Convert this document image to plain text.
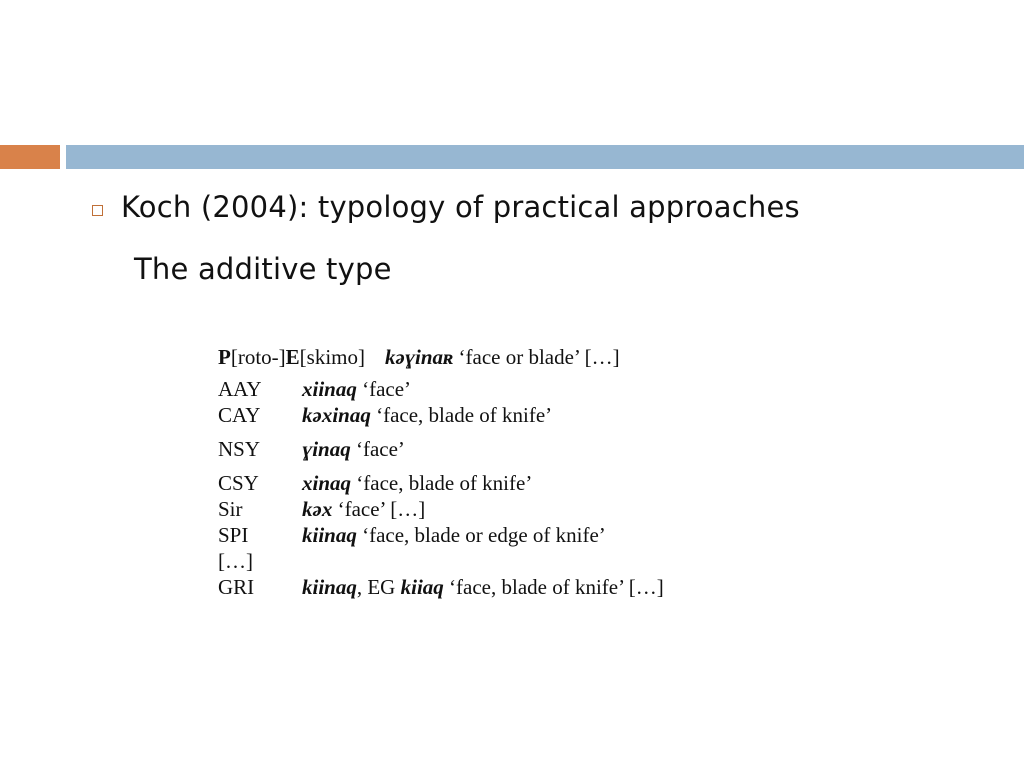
Koch (2004): typology of practical approaches
The additive type
P[roto-]E[skimo] kəɣinaʀ ‘face or blade’ […]
AAY	xiinaq ‘face’
CAY	kəxinaq ‘face, blade of knife’
NSY	ɣinaq ‘face’
CSY	xinaq ‘face, blade of knife’
Sir	kəx ‘face’ […]
SPI	kiinaq ‘face, blade or edge of knife’
[…]
GRI	kiinaq, EG kiiaq ‘face, blade of knife’ […]
